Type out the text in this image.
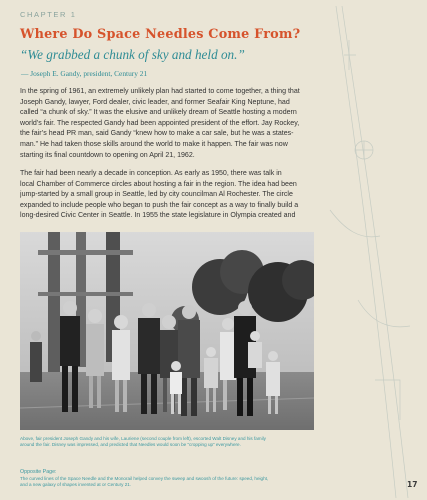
CHAPTER 1
Where Do Space Needles Come From?
“We grabbed a chunk of sky and held on.”
— Joseph E. Gandy, president, Century 21
In the spring of 1961, an extremely unlikely plan had started to come together, a thing that
Joseph Gandy, lawyer, Ford dealer, civic leader, and former Seafair King Neptune, had
called “a chunk of sky.” It was the elusive and unlikely dream of Seattle hosting a modern
world’s fair. The respected Gandy had been appointed president of the effort. Jay Rockey,
the fair’s head PR man, said Gandy “knew how to make a car sale, but he was a states-
man.” He had taken those skills around the world to make it happen. The fair was now
starting its final countdown to opening on April 21, 1962.
The fair had been nearly a decade in conception. As early as 1950, there was talk in
local Chamber of Commerce circles about hosting a fair in the region. The idea had been
jump-started by a small group in Seattle, led by city councilman Al Rochester. The circle
expanded to include people who began to push the fair concept as a way to finally build a
long-desired Civic Center in Seattle. In 1955 the state legislature in Olympia created and
Above, fair president Joseph Gandy and his wife, Lauriene (second couple from left), escorted Walt Disney and his family
around the fair. Disney was impressed, and predicted that Needles would soon be “cropping up” everywhere.
Opposite Page:
The curved lines of the Space Needle and the Monorail helped convey the sweep and swoosh of the future: speed, height,
and a new galaxy of shapes invented at or Century 21.	17
